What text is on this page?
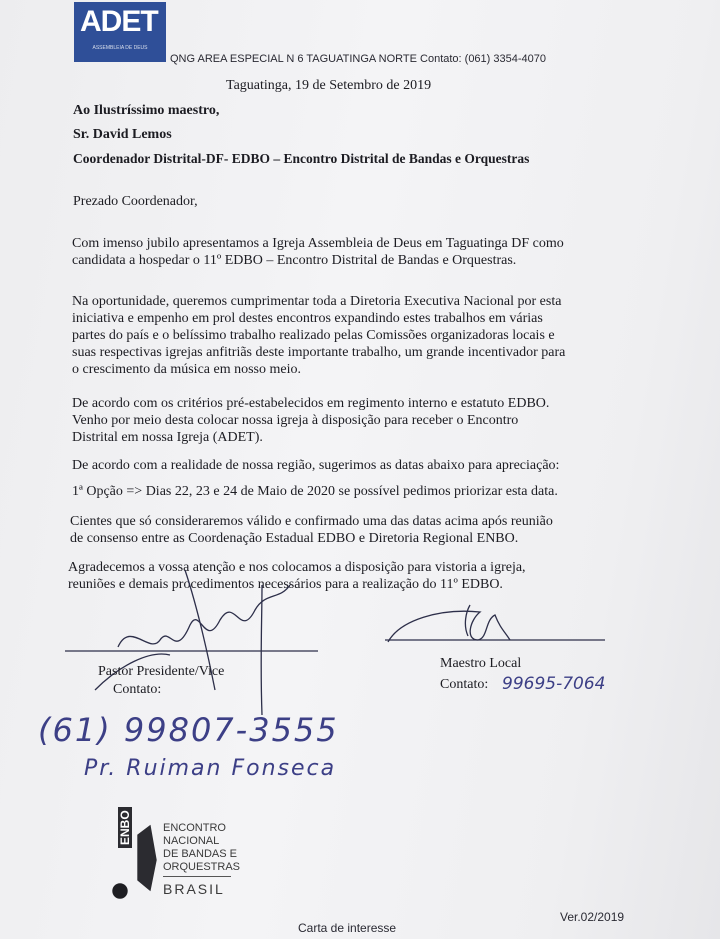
ADET
ASSEMBLEIA DE DEUS
QNG AREA ESPECIAL N 6 TAGUATINGA NORTE Contato: (061) 3354-4070
Taguatinga, 19 de Setembro de 2019
Ao Ilustríssimo maestro,
Sr. David Lemos
Coordenador Distrital-DF- EDBO – Encontro Distrital de Bandas e Orquestras
Prezado Coordenador,
Com imenso jubilo apresentamos a Igreja Assembleia de Deus em Taguatinga DF como
candidata a hospedar o 11º EDBO – Encontro Distrital de Bandas e Orquestras.
Na oportunidade, queremos cumprimentar toda a Diretoria Executiva Nacional por esta
iniciativa e empenho em prol destes encontros expandindo estes trabalhos em várias
partes do país e o belíssimo trabalho realizado pelas Comissões organizadoras locais e
suas respectivas igrejas anfitriãs deste importante trabalho, um grande incentivador para
o crescimento da música em nosso meio.
De acordo com os critérios pré-estabelecidos em regimento interno e estatuto EDBO.
Venho por meio desta colocar nossa igreja à disposição para receber o Encontro
Distrital em nossa Igreja (ADET).
De acordo com a realidade de nossa região, sugerimos as datas abaixo para apreciação:
1ª Opção => Dias 22, 23 e 24 de Maio de 2020 se possível pedimos priorizar esta data.
Cientes que só consideraremos válido e confirmado uma das datas acima após reunião
de consenso entre as Coordenação Estadual EDBO e Diretoria Regional ENBO.
Agradecemos a vossa atenção e nos colocamos a disposição para vistoria a igreja,
reuniões e demais procedimentos necessários para a realização do 11º EDBO.
Pastor Presidente/Vice
Contato:
Maestro Local
Contato: 99695-7064
(61) 99807-3555
Pr. Ruiman Fonseca
ENBO	ENCONTRO
NACIONAL
DE BANDAS E
ORQUESTRAS
BRASIL
Carta de interesse
Ver.02/2019
